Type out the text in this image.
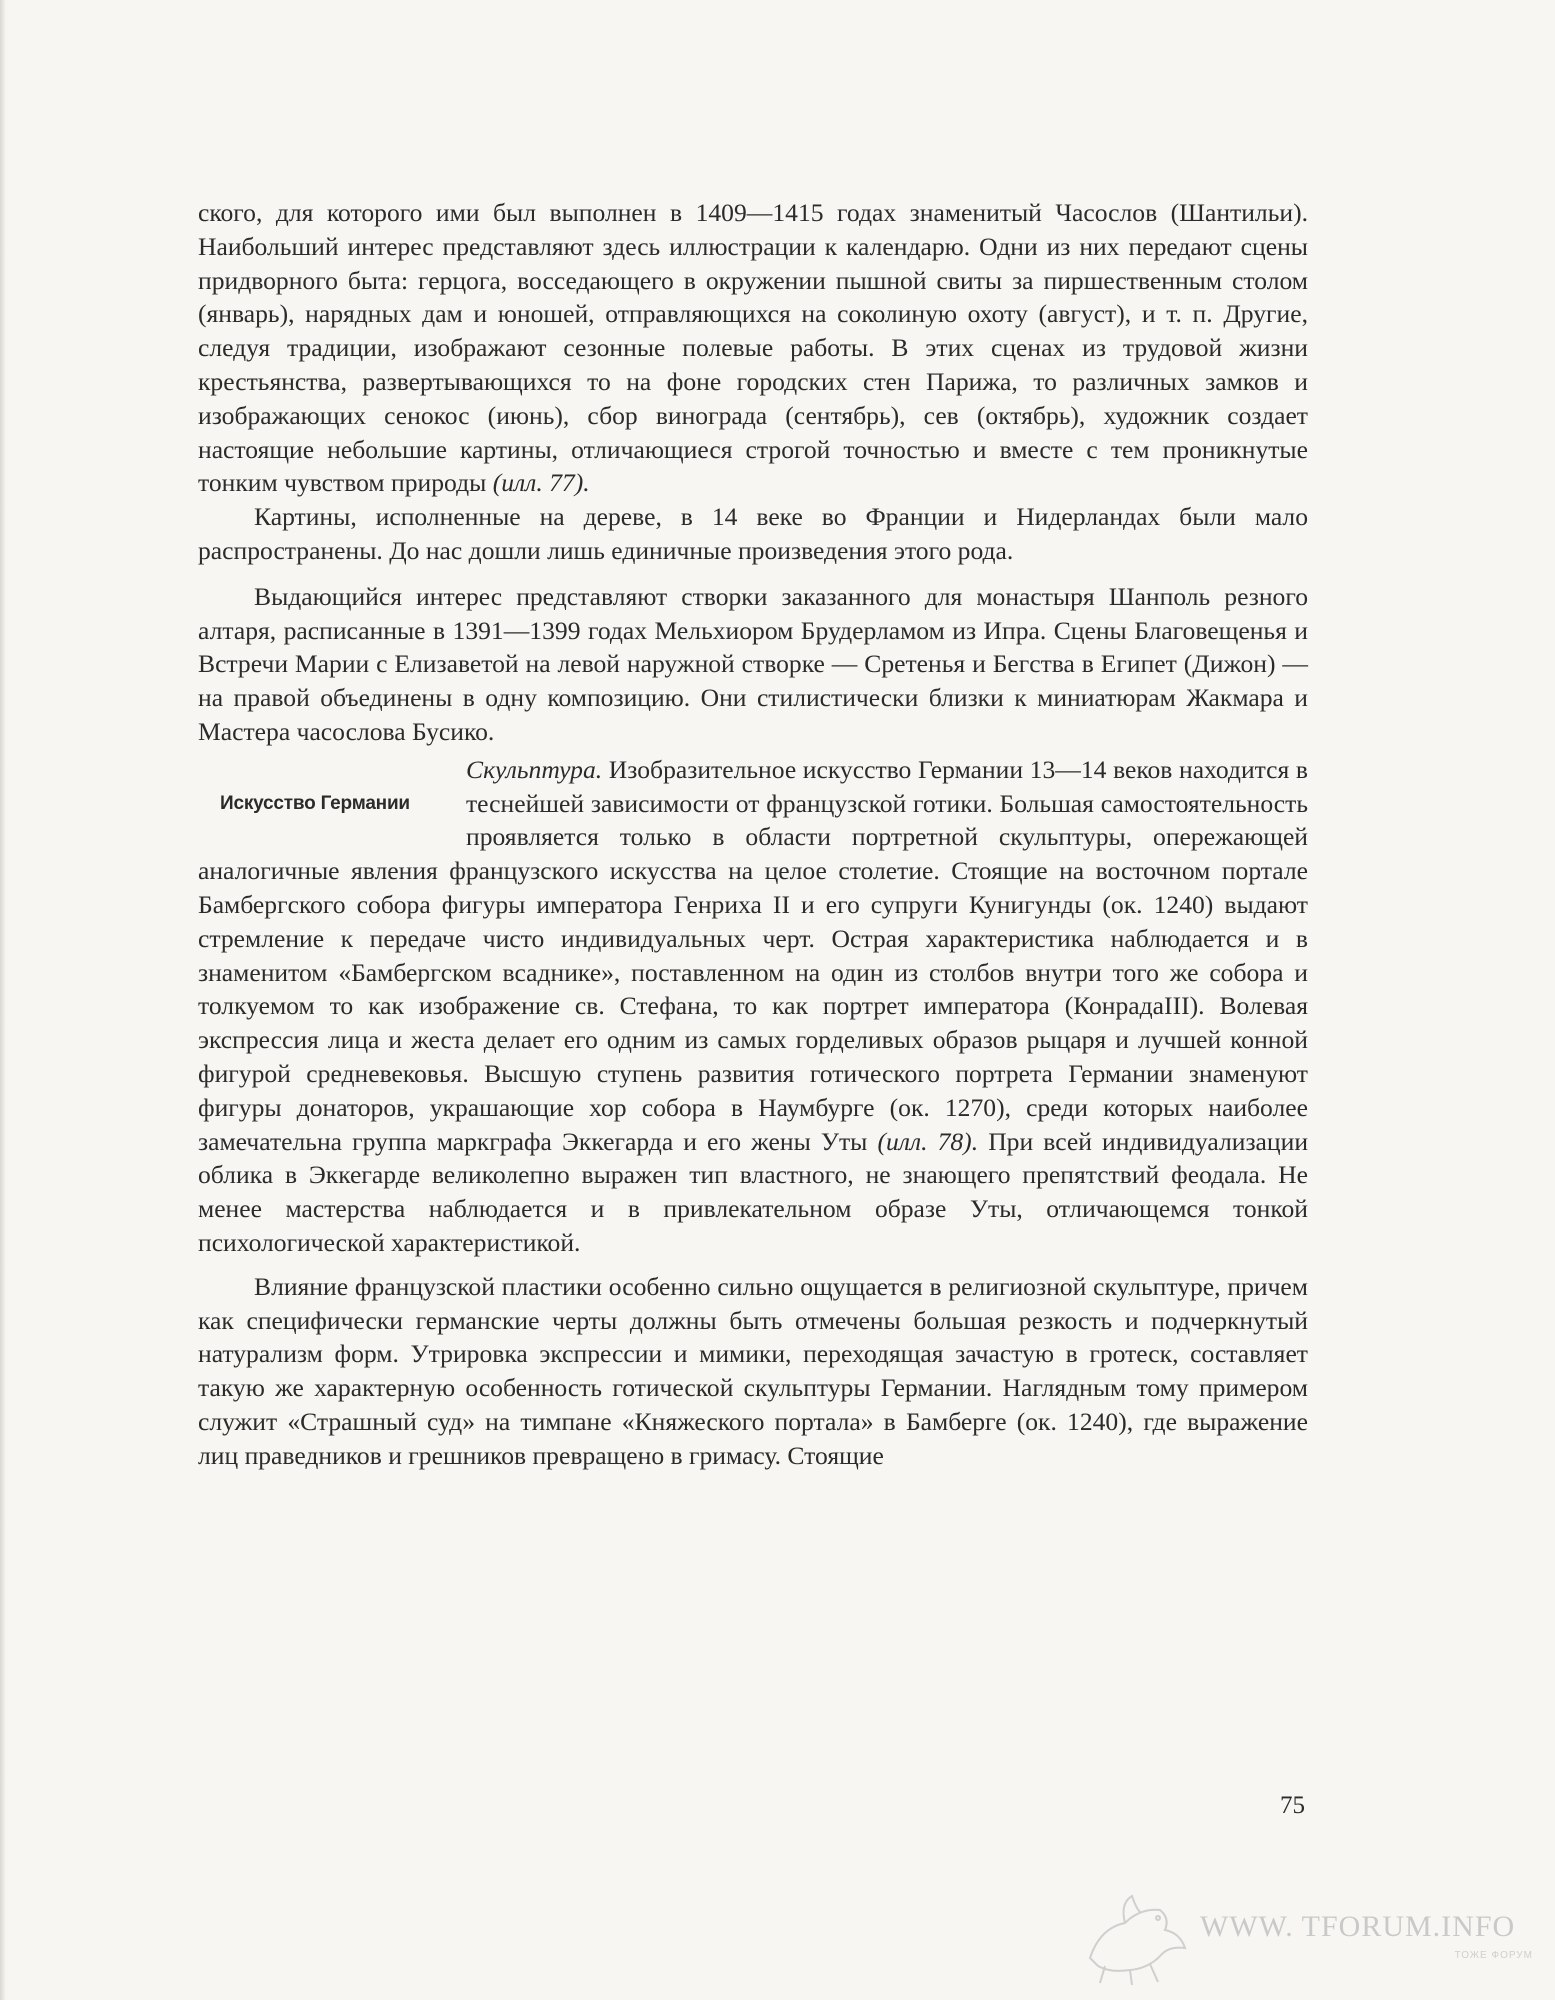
ского, для которого ими был выполнен в 1409—1415 годах знаменитый Часослов (Шантильи). Наибольший интерес представляют здесь иллюстрации к календарю. Одни из них передают сцены придворного быта: герцога, восседающего в окружении пышной свиты за пиршественным столом (январь), нарядных дам и юношей, отправляющихся на соколиную охоту (август), и т. п. Другие, следуя традиции, изображают сезонные полевые работы. В этих сценах из трудовой жизни крестьянства, развертывающихся то на фоне городских стен Парижа, то различных замков и изображающих сенокос (июнь), сбор винограда (сентябрь), сев (октябрь), художник создает настоящие небольшие картины, отличающиеся строгой точностью и вместе с тем проникнутые тонким чувством природы (илл. 77).

Картины, исполненные на дереве, в 14 веке во Франции и Нидерландах были мало распространены. До нас дошли лишь единичные произведения этого рода.

Выдающийся интерес представляют створки заказанного для монастыря Шанполь резного алтаря, расписанные в 1391—1399 годах Мельхиором Брудерламом из Ипра. Сцены Благовещенья и Встречи Марии с Елизаветой на левой наружной створке — Сретенья и Бегства в Египет (Дижон) — на правой объединены в одну композицию. Они стилистически близки к миниатюрам Жакмара и Мастера часослова Бусико.

Искусство Германии

Скульптура. Изобразительное искусство Германии 13—14 веков находится в теснейшей зависимости от французской готики. Большая самостоятельность проявляется только в области портретной скульптуры, опережающей аналогичные явления французского искусства на целое столетие. Стоящие на восточном портале Бамбергского собора фигуры императора Генриха II и его супруги Кунигунды (ок. 1240) выдают стремление к передаче чисто индивидуальных черт. Острая характеристика наблюдается и в знаменитом «Бамбергском всаднике», поставленном на один из столбов внутри того же собора и толкуемом то как изображение св. Стефана, то как портрет императора (КонрадаIII). Волевая экспрессия лица и жеста делает его одним из самых горделивых образов рыцаря и лучшей конной фигурой средневековья. Высшую ступень развития готического портрета Германии знаменуют фигуры донаторов, украшающие хор собора в Наумбурге (ок. 1270), среди которых наиболее замечательна группа маркграфа Эккегарда и его жены Уты (илл. 78). При всей индивидуализации облика в Эккегарде великолепно выражен тип властного, не знающего препятствий феодала. Не менее мастерства наблюдается и в привлекательном образе Уты, отличающемся тонкой психологической характеристикой.

Влияние французской пластики особенно сильно ощущается в религиозной скульптуре, причем как специфически германские черты должны быть отмечены большая резкость и подчеркнутый натурализм форм. Утрировка экспрессии и мимики, переходящая зачастую в гротеск, составляет такую же характерную особенность готической скульптуры Германии. Наглядным тому примером служит «Страшный суд» на тимпане «Княжеского портала» в Бамберге (ок. 1240), где выражение лиц праведников и грешников превращено в гримасу. Стоящие

75
WWW. TFORUM.INFO
ТОЖЕ ФОРУМ
